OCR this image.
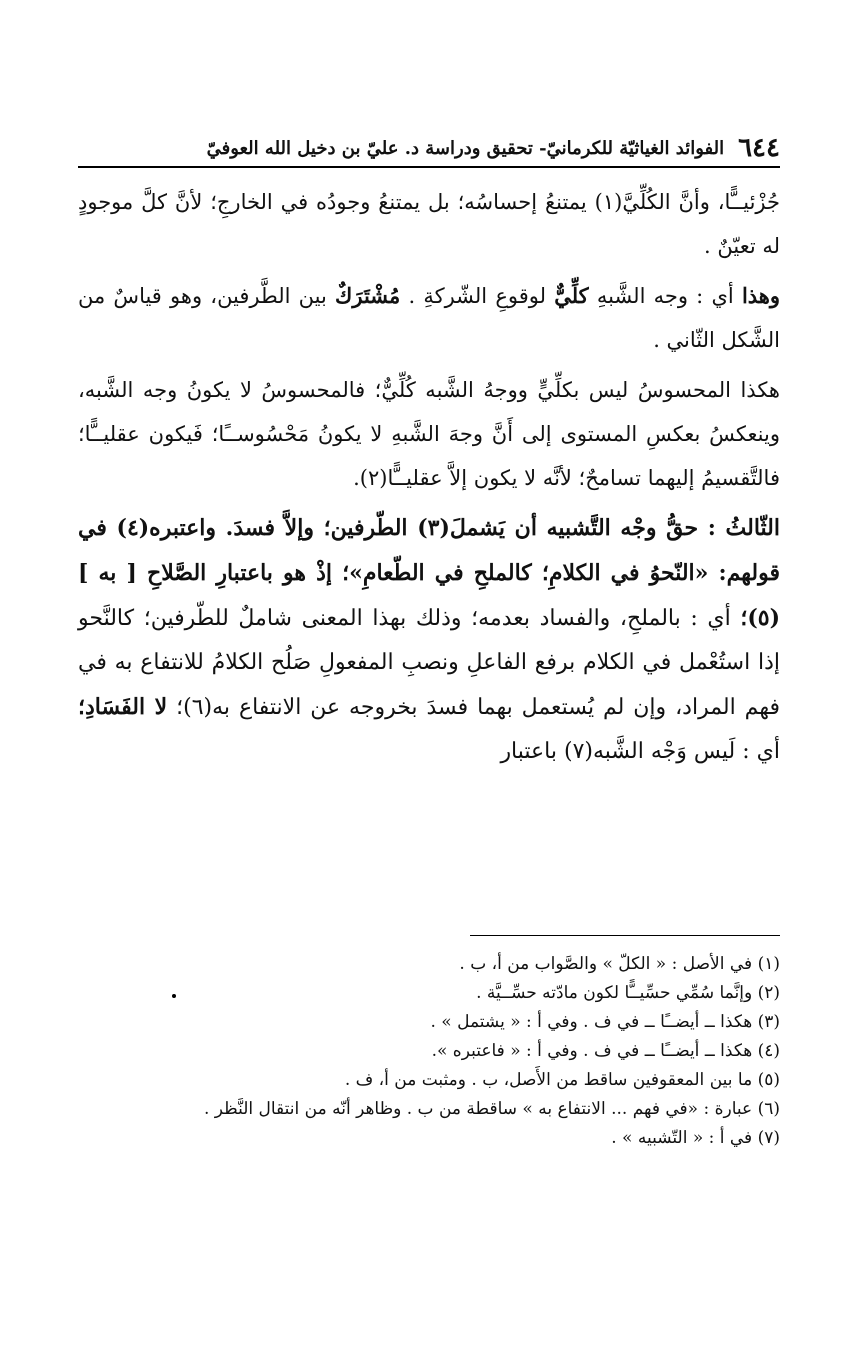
٦٤٤
الفوائد الغياثيّة للكرمانيّ- تحقيق ودراسة د. عليّ بن دخيل الله العوفيّ

جُزْئيــًّا، وأنَّ الكُلِّيَّ(١) يمتنعُ إحساسُه؛ بل يمتنعُ وجودُه في الخارجِ؛ لأنَّ كلَّ موجودٍ له تعيّنٌ .

وهذا أي : وجه الشَّبهِ كلِّيٌّ لوقوعِ الشّركةِ . مُشْتَرَكٌ بين الطَّرفين، وهو قياسٌ من الشَّكل الثّاني .

هكذا المحسوسُ ليس بكلِّيٍّ ووجهُ الشَّبه كُلِّيٌّ؛ فالمحسوسُ لا يكونُ وجه الشَّبه، وينعكسُ بعكسِ المستوى إلى أَنَّ وجهَ الشَّبهِ لا يكونُ مَحْسُوســًا؛ فَيكون عقليــًّا؛ فالتَّقسيمُ إليهما تسامحٌ؛ لأنَّه لا يكون إلاَّ عقليــًّا(٢).

الثّالثُ : حقُّ وجْه التَّشبيه أن يَشملَ(٣) الطّرفين؛ وإلاَّ فسدَ. واعتبره(٤) في قولهم: «النّحوُ في الكلامِ؛ كالملحِ في الطّعامِ»؛ إذْ هو باعتبارِ الصَّلاحِ [ به ](٥)؛ أي : بالملحِ، والفساد بعدمه؛ وذلك بهذا المعنى شاملٌ للطّرفين؛ كالنَّحو إذا استُعْمل في الكلام برفع الفاعلِ ونصبِ المفعولِ صَلُح الكلامُ للانتفاع به في فهم المراد، وإن لم يُستعمل بهما فسدَ بخروجه عن الانتفاع به(٦)؛ لا الفَسَادِ؛ أي : لَيس وَجْه الشَّبه(٧) باعتبار

(١) في الأصل : « الكلّ » والصَّواب من أ، ب .

(٢) وإنَّما سُمِّي حسِّيــًّا لكون مادّته حسِّــيَّة .

(٣) هكذا ــ أيضــًا ــ في ف . وفي أ : « يشتمل » .

(٤) هكذا ــ أيضــًا ــ في ف . وفي أ : « فاعتبره ».

(٥) ما بين المعقوفين ساقط من الأَصل، ب . ومثبت من أ، ف .

(٦) عبارة : «في فهم ... الانتفاع به » ساقطة من ب . وظاهر أنّه من انتقال النَّظر .

(٧) في أ : « التّشبيه » .
